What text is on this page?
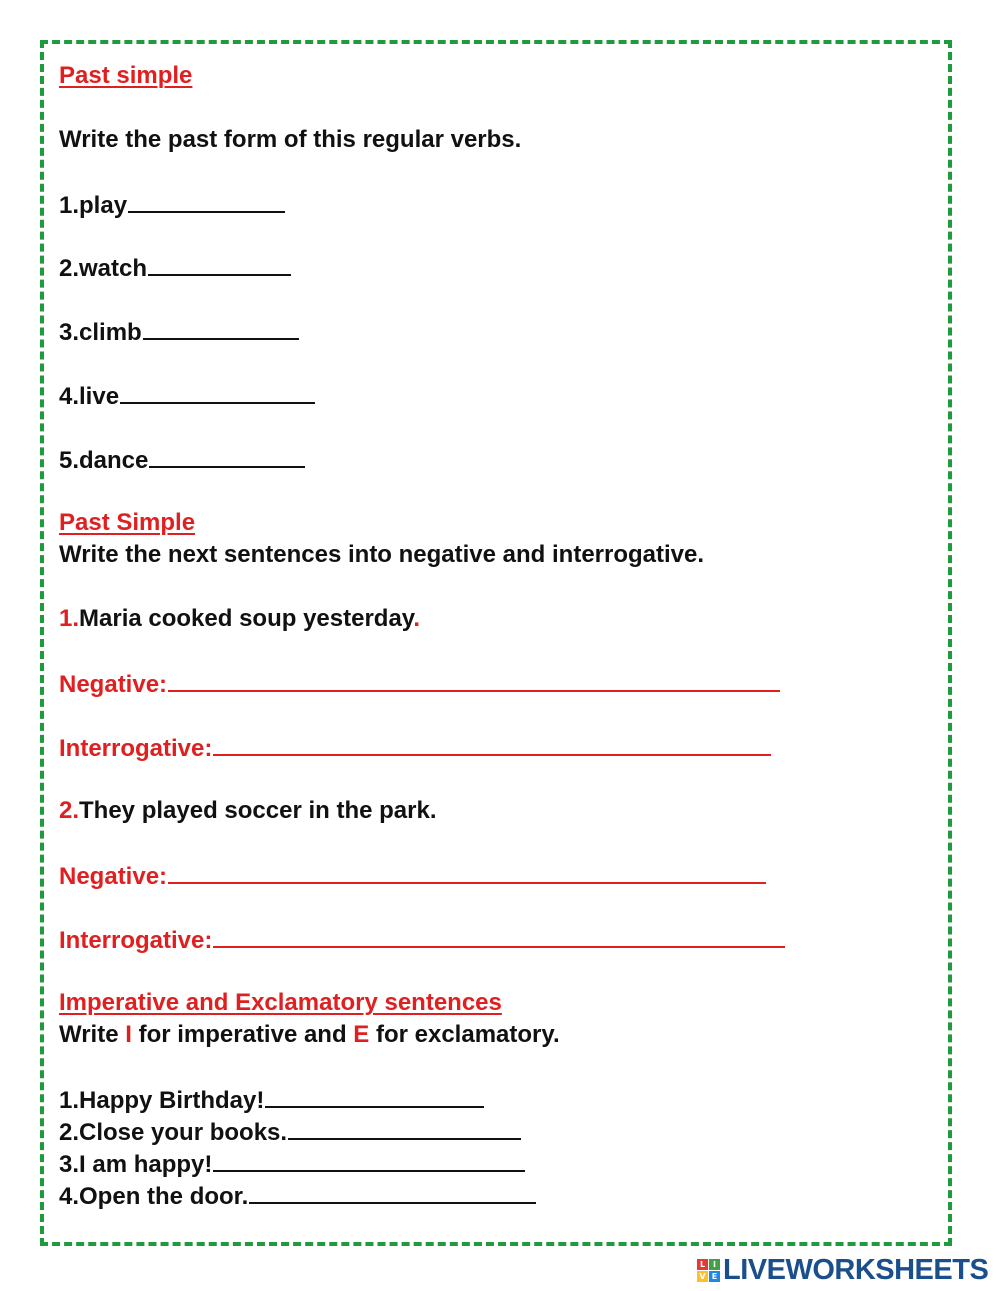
Past simple

Write the past form of this regular verbs.

1.play

2.watch

3.climb

4.live

5.dance

Past Simple

Write the next sentences into negative and interrogative.

1.Maria cooked soup yesterday.

Negative:

Interrogative:

2.They played soccer in the park.

Negative:

Interrogative:

Imperative and Exclamatory sentences

Write I for imperative and E for exclamatory.

1.Happy Birthday!

2.Close your books.

3.I am happy!

4.Open the door.

L I
V E LIVEWORKSHEETS
